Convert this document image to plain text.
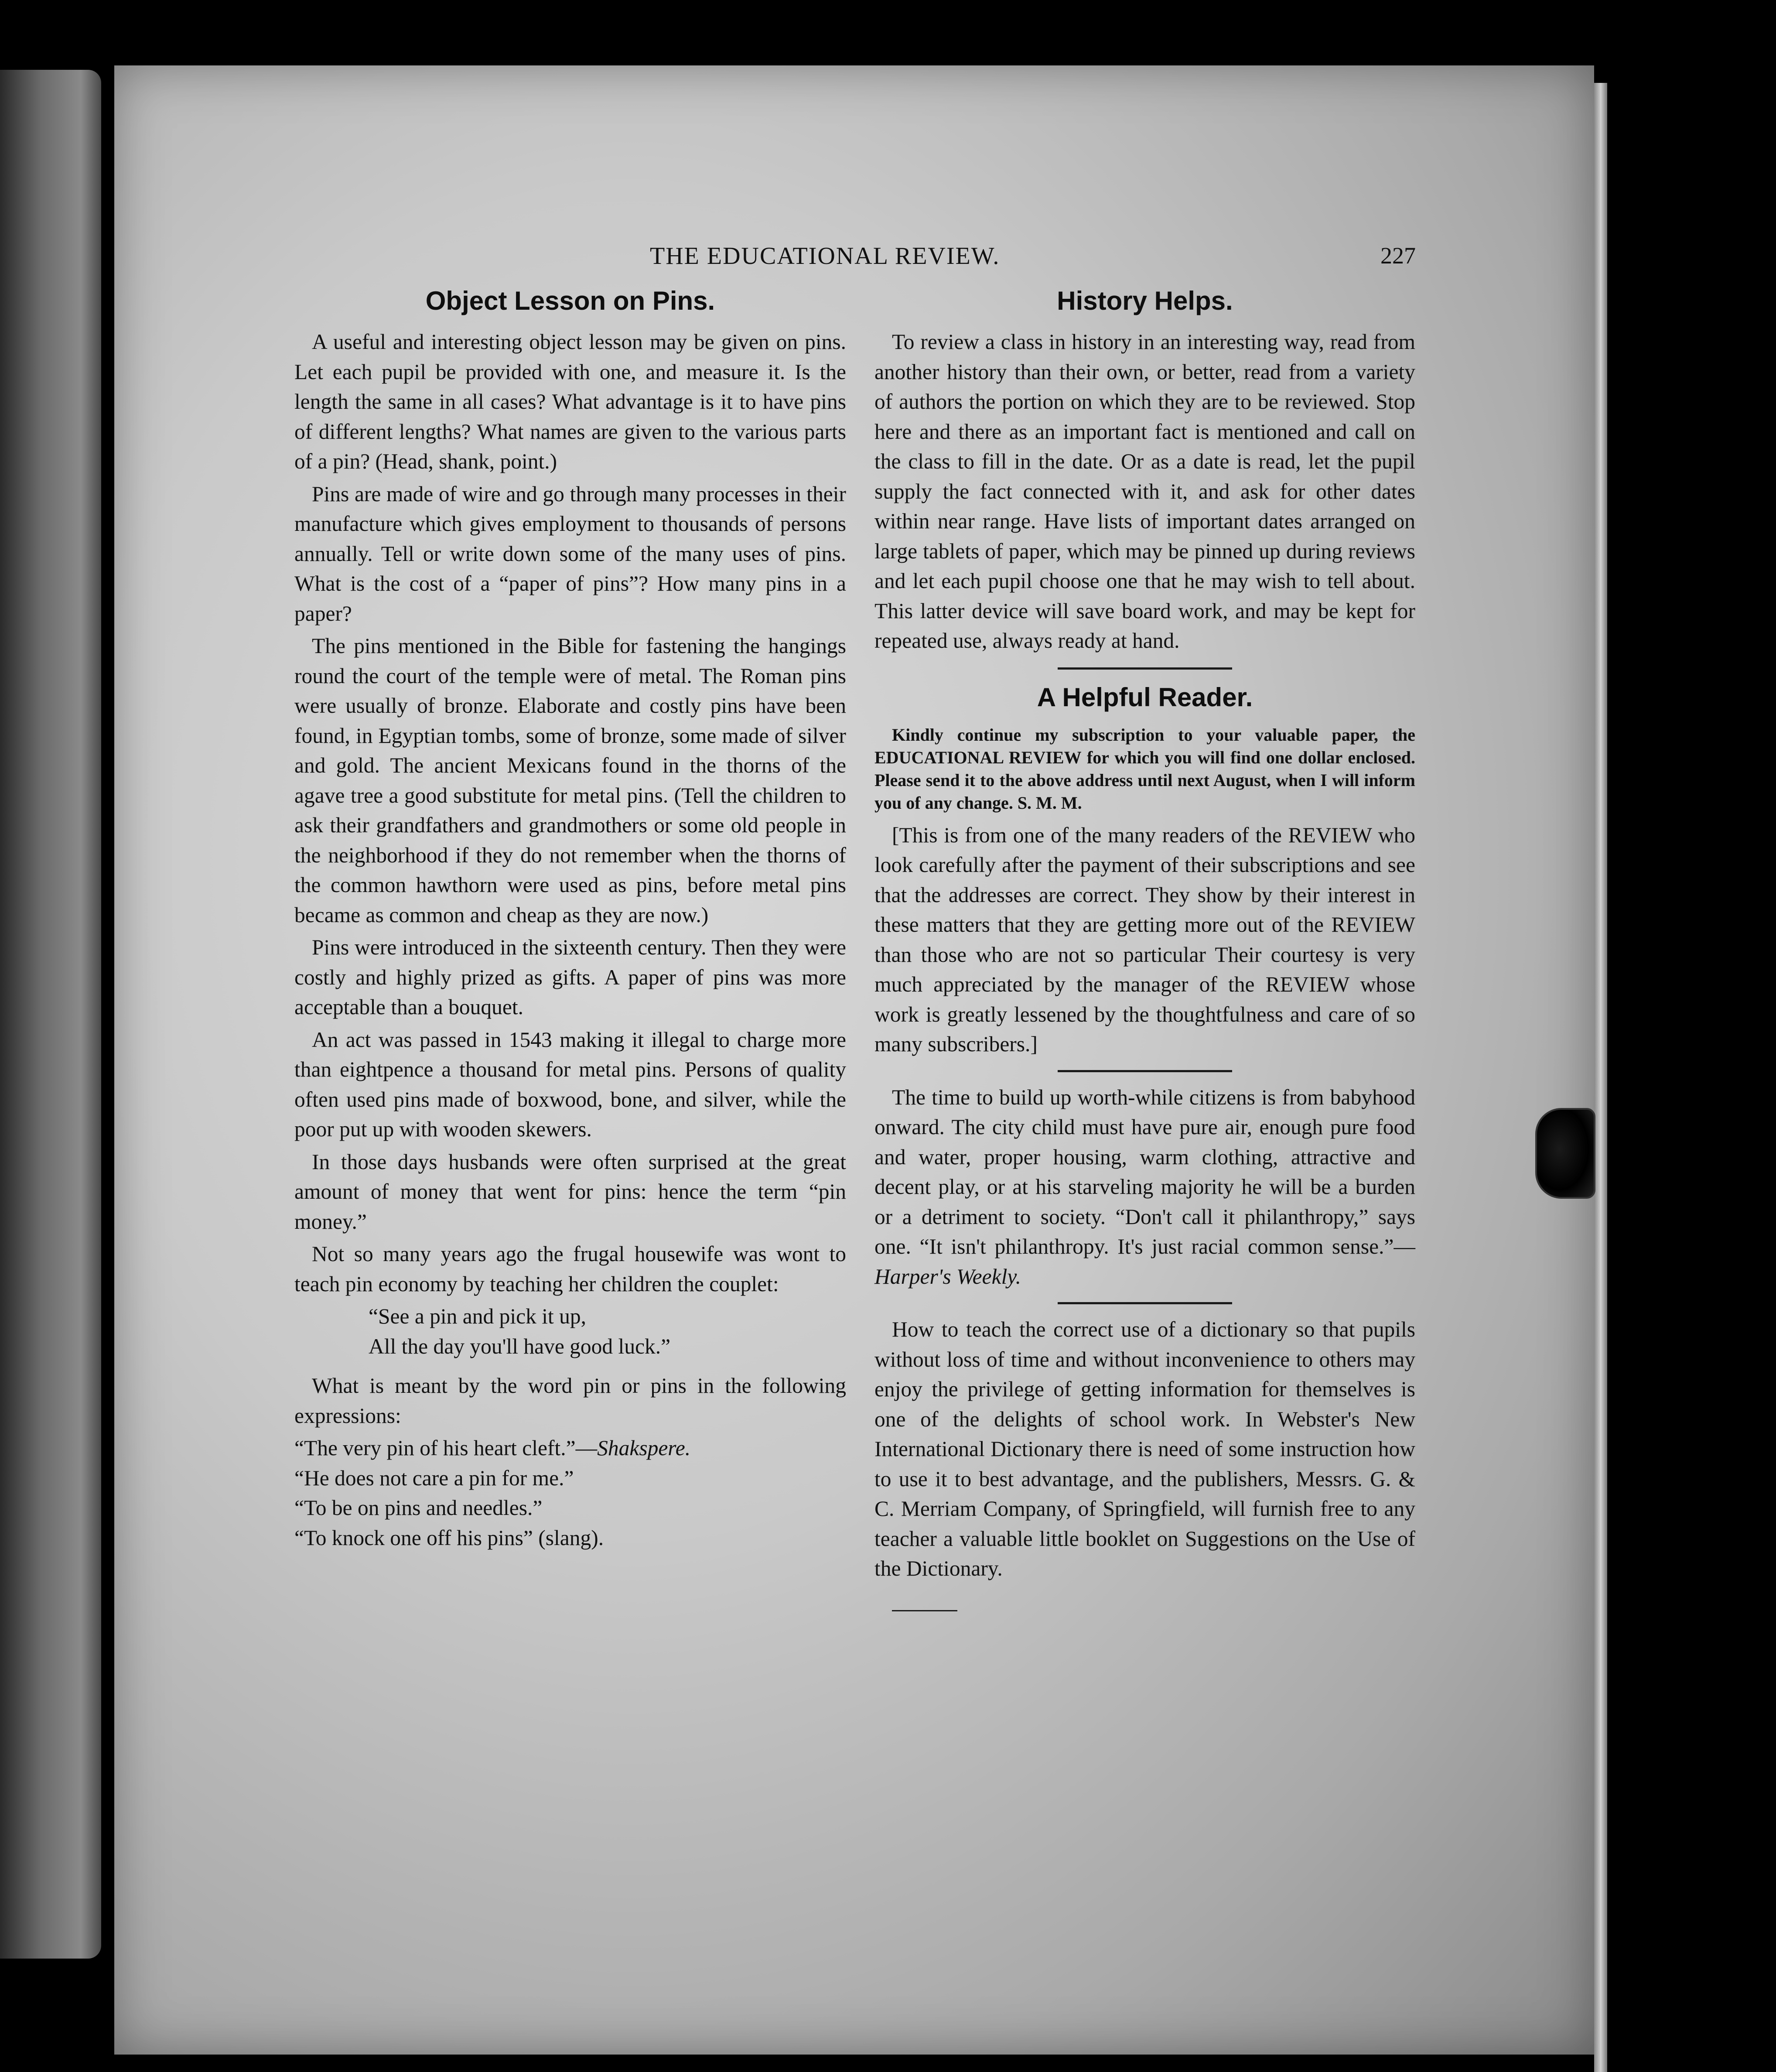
THE EDUCATIONAL REVIEW.	227
Object Lesson on Pins.

A useful and interesting object lesson may be given on pins. Let each pupil be provided with one, and measure it. Is the length the same in all cases? What advantage is it to have pins of different lengths? What names are given to the various parts of a pin? (Head, shank, point.)

Pins are made of wire and go through many processes in their manufacture which gives employment to thousands of persons annually. Tell or write down some of the many uses of pins. What is the cost of a “paper of pins”? How many pins in a paper?

The pins mentioned in the Bible for fastening the hangings round the court of the temple were of metal. The Roman pins were usually of bronze. Elaborate and costly pins have been found, in Egyptian tombs, some of bronze, some made of silver and gold. The ancient Mexicans found in the thorns of the agave tree a good substitute for metal pins. (Tell the children to ask their grandfathers and grandmothers or some old people in the neighborhood if they do not remember when the thorns of the common hawthorn were used as pins, before metal pins became as common and cheap as they are now.)

Pins were introduced in the sixteenth century. Then they were costly and highly prized as gifts. A paper of pins was more acceptable than a bouquet.

An act was passed in 1543 making it illegal to charge more than eightpence a thousand for metal pins. Persons of quality often used pins made of boxwood, bone, and silver, while the poor put up with wooden skewers.

In those days husbands were often surprised at the great amount of money that went for pins: hence the term “pin money.”

Not so many years ago the frugal housewife was wont to teach pin economy by teaching her children the couplet:

“See a pin and pick it up,
All the day you'll have good luck.”

What is meant by the word pin or pins in the following expressions:

“The very pin of his heart cleft.”—Shakspere.
“He does not care a pin for me.”
“To be on pins and needles.”
“To knock one off his pins” (slang).
History Helps.

To review a class in history in an interesting way, read from another history than their own, or better, read from a variety of authors the portion on which they are to be reviewed. Stop here and there as an important fact is mentioned and call on the class to fill in the date. Or as a date is read, let the pupil supply the fact connected with it, and ask for other dates within near range. Have lists of important dates arranged on large tablets of paper, which may be pinned up during reviews and let each pupil choose one that he may wish to tell about. This latter device will save board work, and may be kept for repeated use, always ready at hand.

A Helpful Reader.

Kindly continue my subscription to your valuable paper, the EDUCATIONAL REVIEW for which you will find one dollar enclosed. Please send it to the above address until next August, when I will inform you of any change. S. M. M.

[This is from one of the many readers of the REVIEW who look carefully after the payment of their subscriptions and see that the addresses are correct. They show by their interest in these matters that they are getting more out of the REVIEW than those who are not so particular Their courtesy is very much appreciated by the manager of the REVIEW whose work is greatly lessened by the thoughtfulness and care of so many subscribers.]

The time to build up worth-while citizens is from babyhood onward. The city child must have pure air, enough pure food and water, proper housing, warm clothing, attractive and decent play, or at his starveling majority he will be a burden or a detriment to society. “Don't call it philanthropy,” says one. “It isn't philanthropy. It's just racial common sense.”—Harper's Weekly.

How to teach the correct use of a dictionary so that pupils without loss of time and without inconvenience to others may enjoy the privilege of getting information for themselves is one of the delights of school work. In Webster's New International Dictionary there is need of some instruction how to use it to best advantage, and the publishers, Messrs. G. & C. Merriam Company, of Springfield, will furnish free to any teacher a valuable little booklet on Suggestions on the Use of the Dictionary.
